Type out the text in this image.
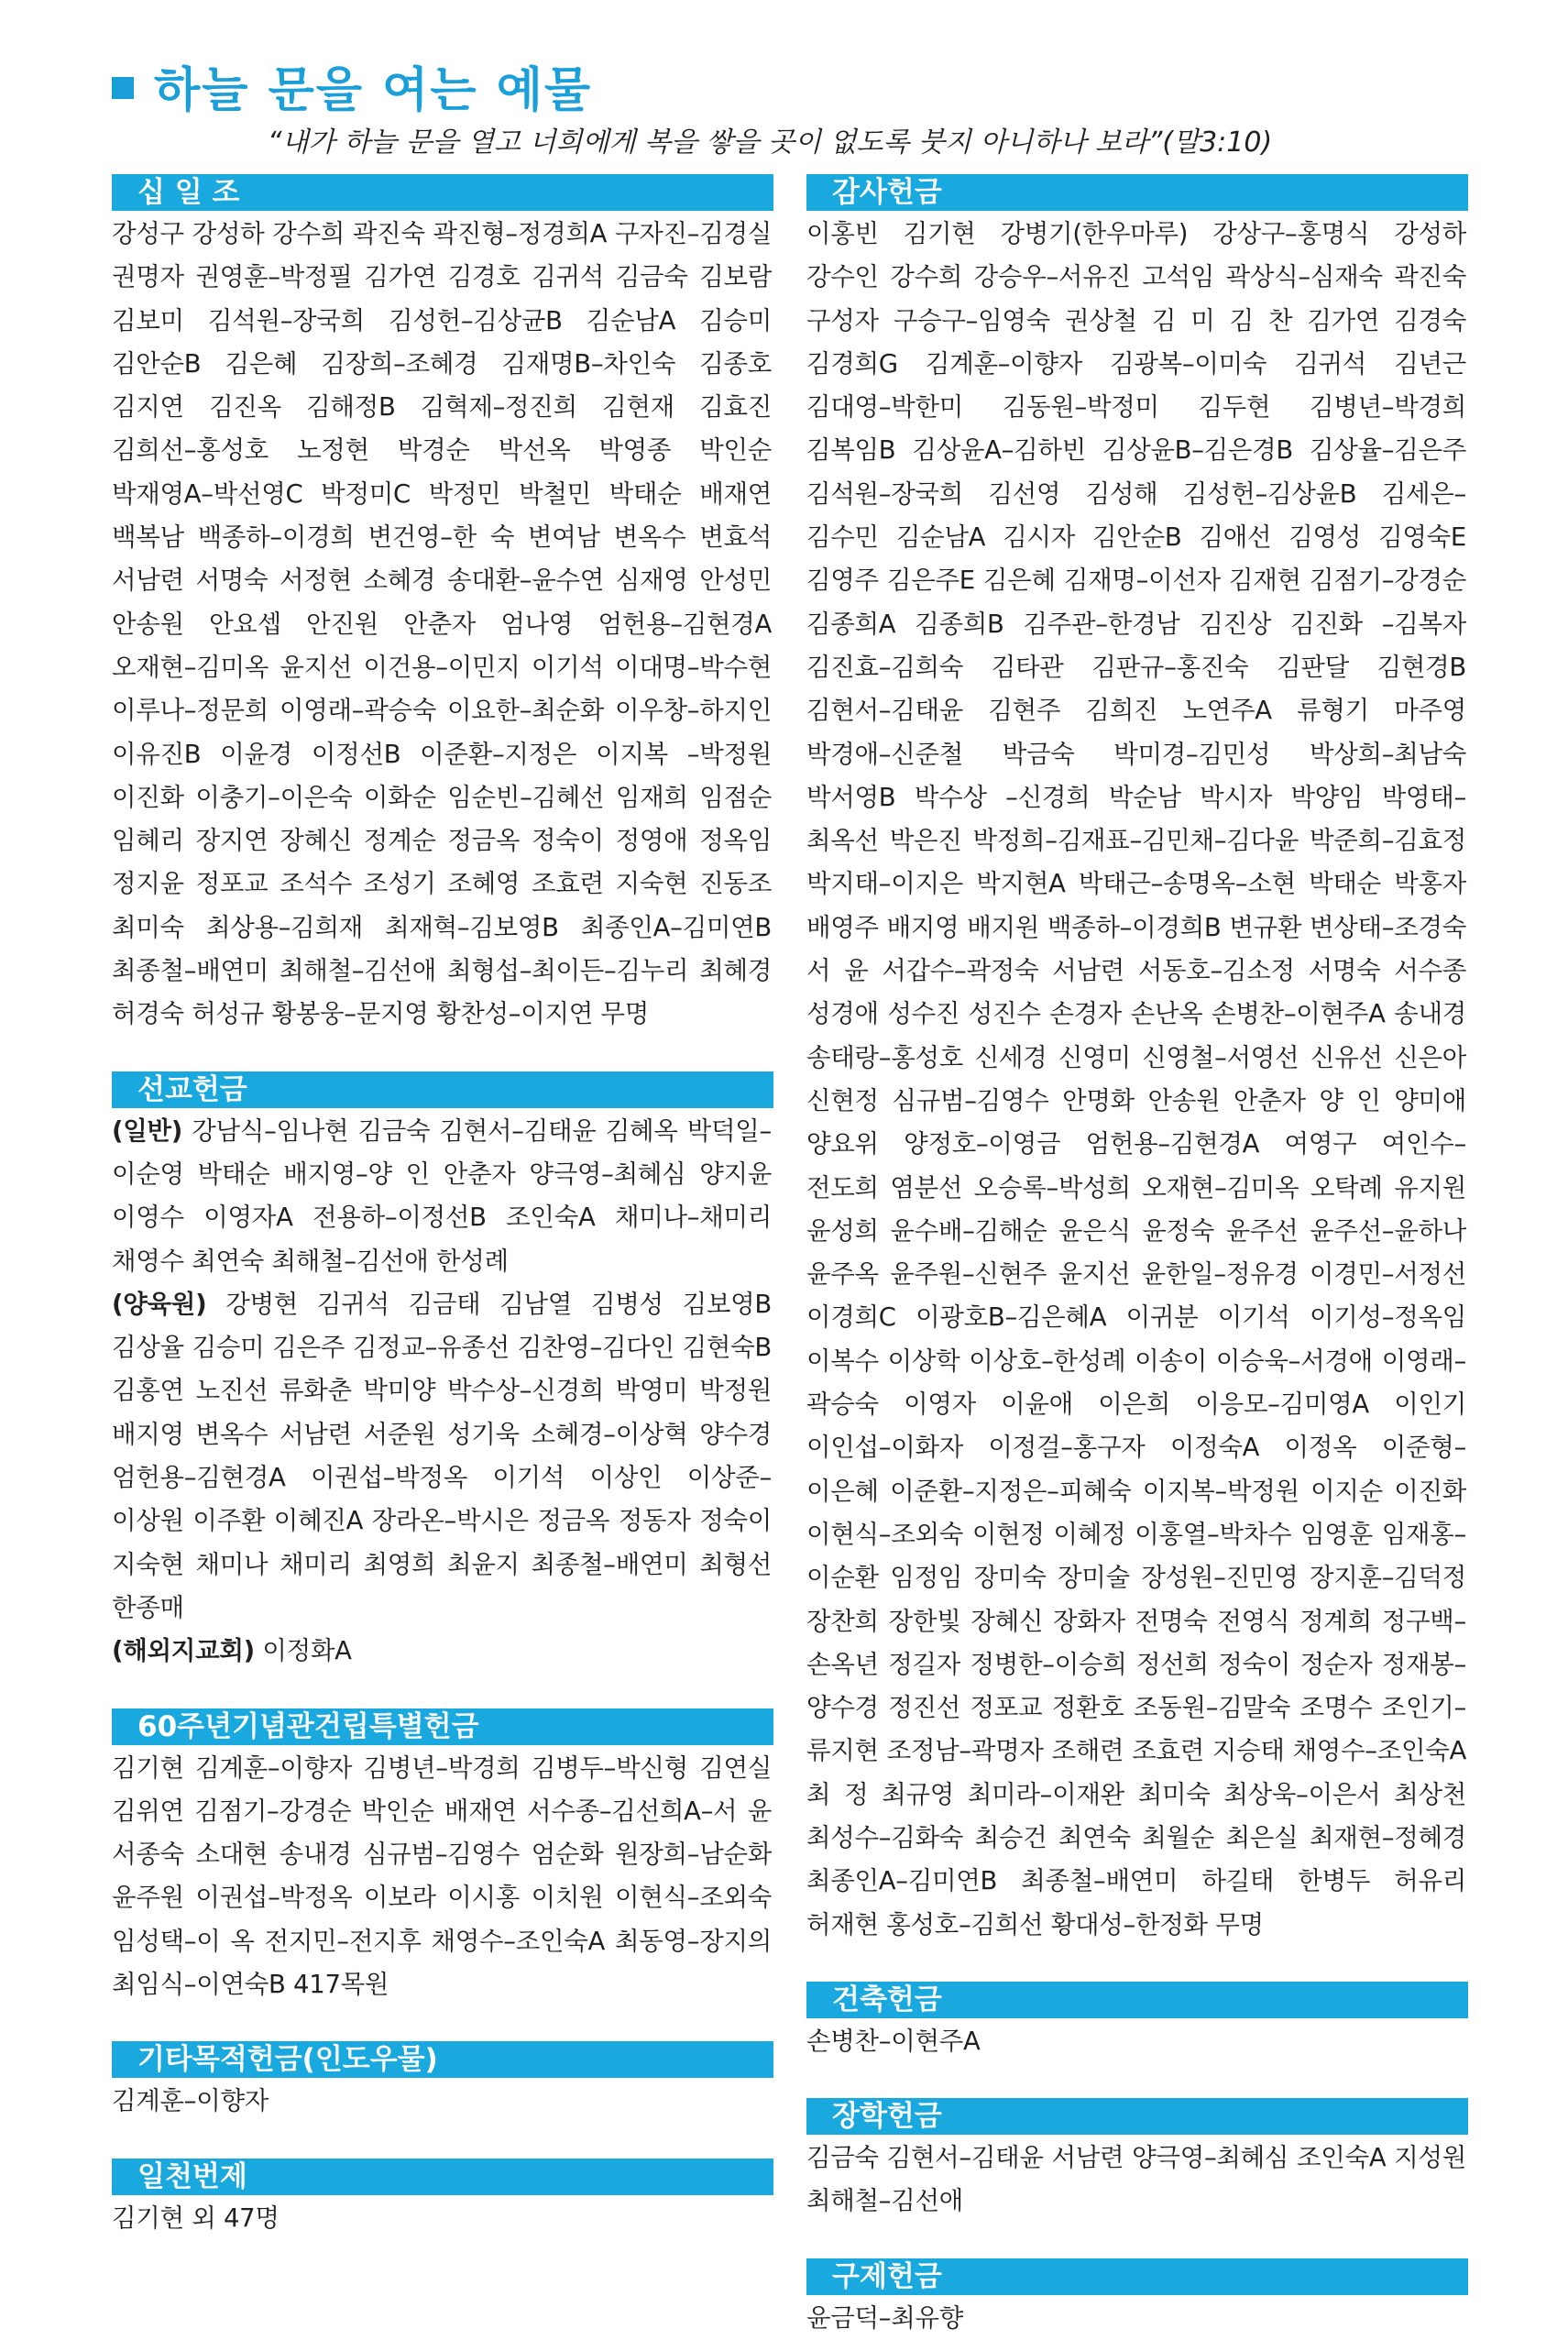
하늘 문을 여는 예물
“내가 하늘 문을 열고 너희에게 복을 쌓을 곳이 없도록 붓지 아니하나 보라”(말3:10)
십 일 조
강성구 강성하 강수희 곽진숙 곽진형–정경희A 구자진–김경실 권명자 권영훈–박정필 김가연 김경호 김귀석 김금숙 김보람 김보미 김석원–장국희 김성헌–김상균B 김순남A 김승미 김안순B 김은혜 김장희–조혜경 김재명B–차인숙 김종호 김지연 김진옥 김해정B 김혁제–정진희 김현재 김효진 김희선–홍성호 노정현 박경순 박선옥 박영종 박인순 박재영A–박선영C 박정미C 박정민 박철민 박태순 배재연 백복남 백종하–이경희 변건영–한 숙 변여남 변옥수 변효석 서남련 서명숙 서정현 소혜경 송대환–윤수연 심재영 안성민 안송원 안요셉 안진원 안춘자 엄나영 엄헌용–김현경A 오재현–김미옥 윤지선 이건용–이민지 이기석 이대명–박수현 이루나–정문희 이영래–곽승숙 이요한–최순화 이우창–하지인 이유진B 이윤경 이정선B 이준환–지정은 이지복 –박정원 이진화 이충기–이은숙 이화순 임순빈–김혜선 임재희 임점순 임혜리 장지연 장혜신 정계순 정금옥 정숙이 정영애 정옥임 정지윤 정포교 조석수 조성기 조혜영 조효련 지숙현 진동조 최미숙 최상용–김희재 최재혁–김보영B 최종인A–김미연B 최종철–배연미 최해철–김선애 최형섭–최이든–김누리 최혜경 허경숙 허성규 황봉웅–문지영 황찬성–이지연 무명
선교헌금

(일반) 강남식–임나현 김금숙 김현서–김태윤 김혜옥 박덕일–이순영 박태순 배지영–양 인 안춘자 양극영–최혜심 양지윤 이영수 이영자A 전용하–이정선B 조인숙A 채미나–채미리 채영수 최연숙 최해철–김선애 한성례

(양육원) 강병현 김귀석 김금태 김남열 김병성 김보영B 김상율 김승미 김은주 김정교–유종선 김찬영–김다인 김현숙B 김홍연 노진선 류화춘 박미양 박수상–신경희 박영미 박정원 배지영 변옥수 서남련 서준원 성기욱 소혜경–이상혁 양수경 엄헌용–김현경A 이권섭–박정옥 이기석 이상인 이상준–이상원 이주환 이혜진A 장라온–박시은 정금옥 정동자 정숙이 지숙현 채미나 채미리 최영희 최윤지 최종철–배연미 최형선 한종매

(해외지교회) 이정화A

60주년기념관건립특별헌금
김기현 김계훈–이향자 김병년–박경희 김병두–박신형 김연실 김위연 김점기–강경순 박인순 배재연 서수종–김선희A–서 윤 서종숙 소대현 송내경 심규범–김영수 엄순화 원장희–남순화 윤주원 이권섭–박정옥 이보라 이시홍 이치원 이현식–조외숙 임성택–이 옥 전지민–전지후 채영수–조인숙A 최동영–장지의 최임식–이연숙B 417목원
기타목적헌금(인도우물)
김계훈–이향자
일천번제
김기현 외 47명
감사헌금
이홍빈 김기현 강병기(한우마루) 강상구–홍명식 강성하 강수인 강수희 강승우–서유진 고석임 곽상식–심재숙 곽진숙 구성자 구승구–임영숙 권상철 김 미 김 찬 김가연 김경숙 김경희G 김계훈–이향자 김광복–이미숙 김귀석 김년근 김대영–박한미 김동원–박정미 김두현 김병년–박경희 김복임B 김상윤A–김하빈 김상윤B–김은경B 김상율–김은주 김석원–장국희 김선영 김성해 김성헌–김상윤B 김세은–김수민 김순남A 김시자 김안순B 김애선 김영성 김영숙E 김영주 김은주E 김은혜 김재명–이선자 김재현 김점기–강경순 김종희A 김종희B 김주관–한경남 김진상 김진화 –김복자 김진효–김희숙 김타관 김판규–홍진숙 김판달 김현경B 김현서–김태윤 김현주 김희진 노연주A 류형기 마주영 박경애–신준철 박금숙 박미경–김민성 박상희–최남숙 박서영B 박수상 –신경희 박순남 박시자 박양임 박영태–최옥선 박은진 박정희–김재표–김민채–김다윤 박준희–김효정 박지태–이지은 박지현A 박태근–송명옥–소현 박태순 박홍자 배영주 배지영 배지원 백종하–이경희B 변규환 변상태–조경숙 서 윤 서갑수–곽정숙 서남련 서동호–김소정 서명숙 서수종 성경애 성수진 성진수 손경자 손난옥 손병찬–이현주A 송내경 송태랑–홍성호 신세경 신영미 신영철–서영선 신유선 신은아 신현정 심규범–김영수 안명화 안송원 안춘자 양 인 양미애 양요위 양정호–이영금 엄헌용–김현경A 여영구 여인수–전도희 염분선 오승록–박성희 오재현–김미옥 오탁례 유지원 윤성희 윤수배–김해순 윤은식 윤정숙 윤주선 윤주선–윤하나 윤주옥 윤주원–신현주 윤지선 윤한일–정유경 이경민–서정선 이경희C 이광호B–김은혜A 이귀분 이기석 이기성–정옥임 이복수 이상학 이상호–한성례 이송이 이승욱–서경애 이영래–곽승숙 이영자 이윤애 이은희 이응모–김미영A 이인기 이인섭–이화자 이정걸–홍구자 이정숙A 이정옥 이준형–이은혜 이준환–지정은–피혜숙 이지복–박정원 이지순 이진화 이현식–조외숙 이현정 이혜정 이홍열–박차수 임영훈 임재홍–이순환 임정임 장미숙 장미술 장성원–진민영 장지훈–김덕정 장찬희 장한빛 장혜신 장화자 전명숙 전영식 정계희 정구백–손옥년 정길자 정병한–이승희 정선희 정숙이 정순자 정재봉–양수경 정진선 정포교 정환호 조동원–김말숙 조명수 조인기–류지현 조정남–곽명자 조해련 조효련 지승태 채영수–조인숙A 최 정 최규영 최미라–이재완 최미숙 최상욱–이은서 최상천 최성수–김화숙 최승건 최연숙 최월순 최은실 최재현–정혜경 최종인A–김미연B 최종철–배연미 하길태 한병두 허유리 허재현 홍성호–김희선 황대성–한정화 무명
건축헌금
손병찬–이현주A
장학헌금
김금숙 김현서–김태윤 서남련 양극영–최혜심 조인숙A 지성원 최해철–김선애
구제헌금
윤금덕–최유향
